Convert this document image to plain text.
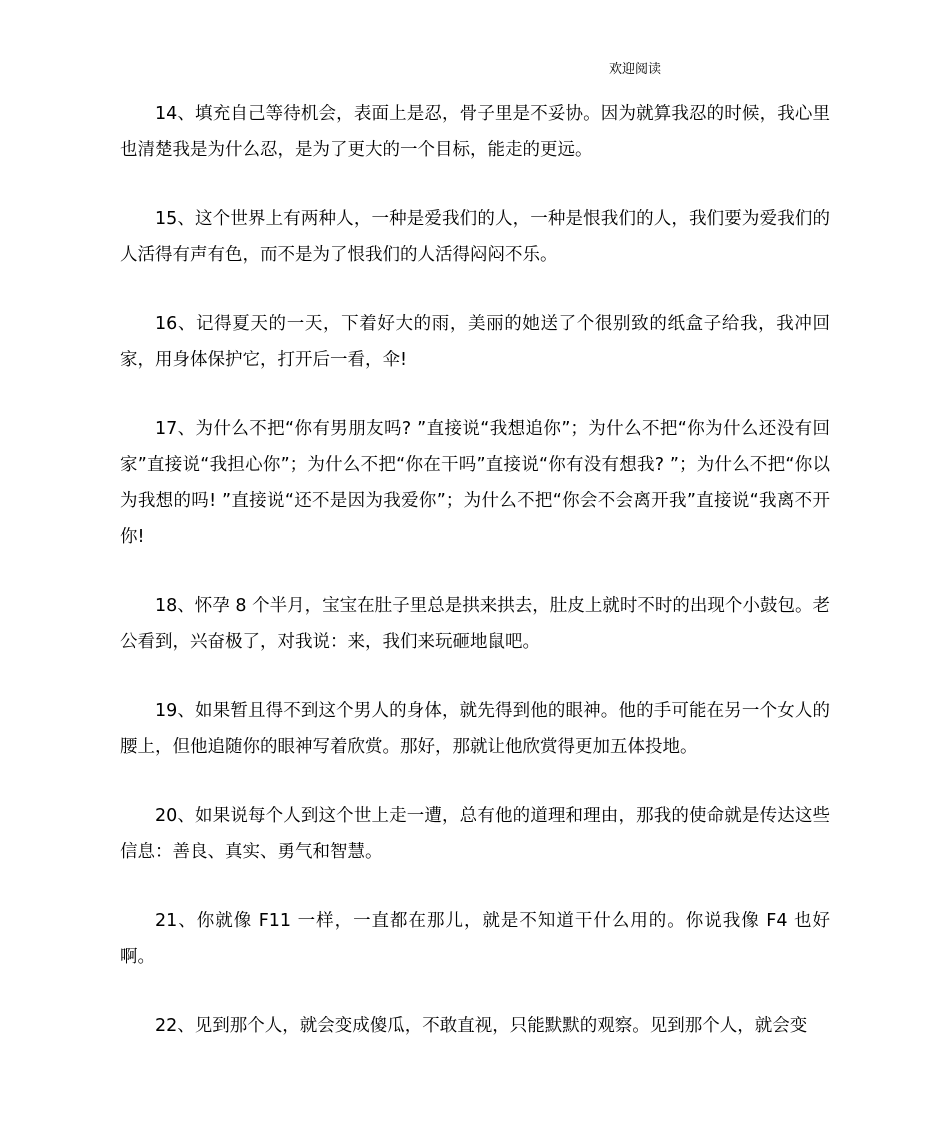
欢迎阅读

14、填充自己等待机会，表面上是忍，骨子里是不妥协。因为就算我忍的时候，我心里也清楚我是为什么忍，是为了更大的一个目标，能走的更远。

15、这个世界上有两种人，一种是爱我们的人，一种是恨我们的人，我们要为爱我们的人活得有声有色，而不是为了恨我们的人活得闷闷不乐。

16、记得夏天的一天，下着好大的雨，美丽的她送了个很别致的纸盒子给我，我冲回家，用身体保护它，打开后一看，伞!

17、为什么不把“你有男朋友吗? ”直接说“我想追你”；为什么不把“你为什么还没有回家”直接说“我担心你”；为什么不把“你在干吗”直接说“你有没有想我? ”；为什么不把“你以为我想的吗! ”直接说“还不是因为我爱你”；为什么不把“你会不会离开我”直接说“我离不开你!

18、怀孕 8 个半月，宝宝在肚子里总是拱来拱去，肚皮上就时不时的出现个小鼓包。老公看到，兴奋极了，对我说：来，我们来玩砸地鼠吧。

19、如果暂且得不到这个男人的身体，就先得到他的眼神。他的手可能在另一个女人的腰上，但他追随你的眼神写着欣赏。那好，那就让他欣赏得更加五体投地。

20、如果说每个人到这个世上走一遭，总有他的道理和理由，那我的使命就是传达这些信息：善良、真实、勇气和智慧。

21、你就像 F11 一样，一直都在那儿，就是不知道干什么用的。你说我像 F4 也好啊。

22、见到那个人，就会变成傻瓜，不敢直视，只能默默的观察。见到那个人，就会变
